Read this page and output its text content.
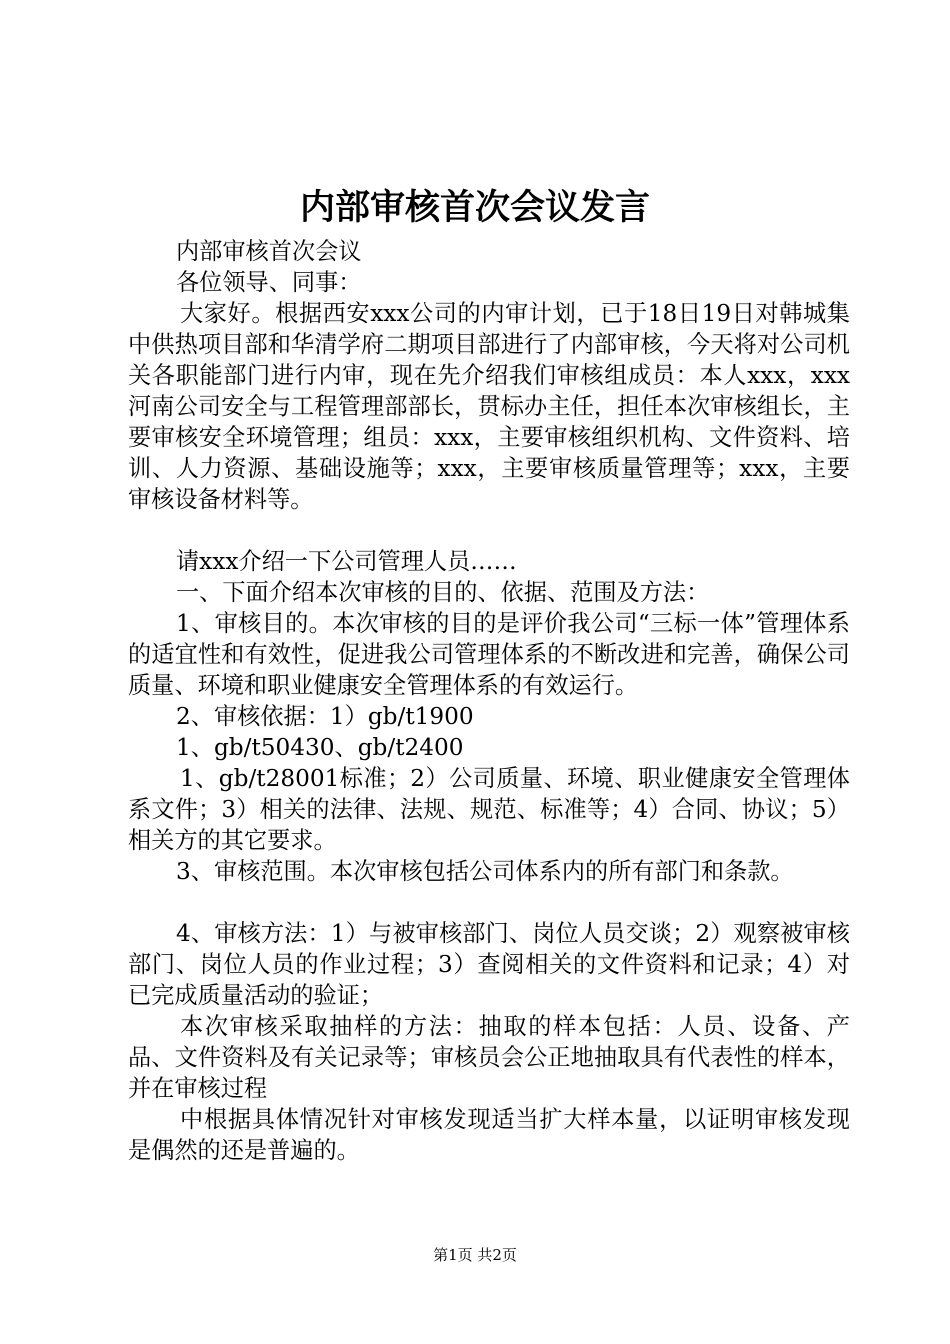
内部审核首次会议发言

内部审核首次会议

各位领导、同事：

大家好。根据西安xxx公司的内审计划，已于18日19日对韩城集中供热项目部和华清学府二期项目部进行了内部审核，今天将对公司机关各职能部门进行内审，现在先介绍我们审核组成员：本人xxx，xxx河南公司安全与工程管理部部长，贯标办主任，担任本次审核组长，主要审核安全环境管理；组员：xxx，主要审核组织机构、文件资料、培训、人力资源、基础设施等；xxx，主要审核质量管理等；xxx，主要审核设备材料等。

请xxx介绍一下公司管理人员……

一、下面介绍本次审核的目的、依据、范围及方法：

1、审核目的。本次审核的目的是评价我公司“三标一体”管理体系的适宜性和有效性，促进我公司管理体系的不断改进和完善，确保公司质量、环境和职业健康安全管理体系的有效运行。

2、审核依据：1）gb/t1900

1、gb/t50430、gb/t2400

1、gb/t28001标准；2）公司质量、环境、职业健康安全管理体系文件；3）相关的法律、法规、规范、标准等；4）合同、协议；5）相关方的其它要求。

3、审核范围。本次审核包括公司体系内的所有部门和条款。

4、审核方法：1）与被审核部门、岗位人员交谈；2）观察被审核部门、岗位人员的作业过程；3）查阅相关的文件资料和记录；4）对已完成质量活动的验证；

本次审核采取抽样的方法：抽取的样本包括：人员、设备、产品、文件资料及有关记录等；审核员会公正地抽取具有代表性的样本，并在审核过程

中根据具体情况针对审核发现适当扩大样本量，以证明审核发现是偶然的还是普遍的。

第1页 共2页
